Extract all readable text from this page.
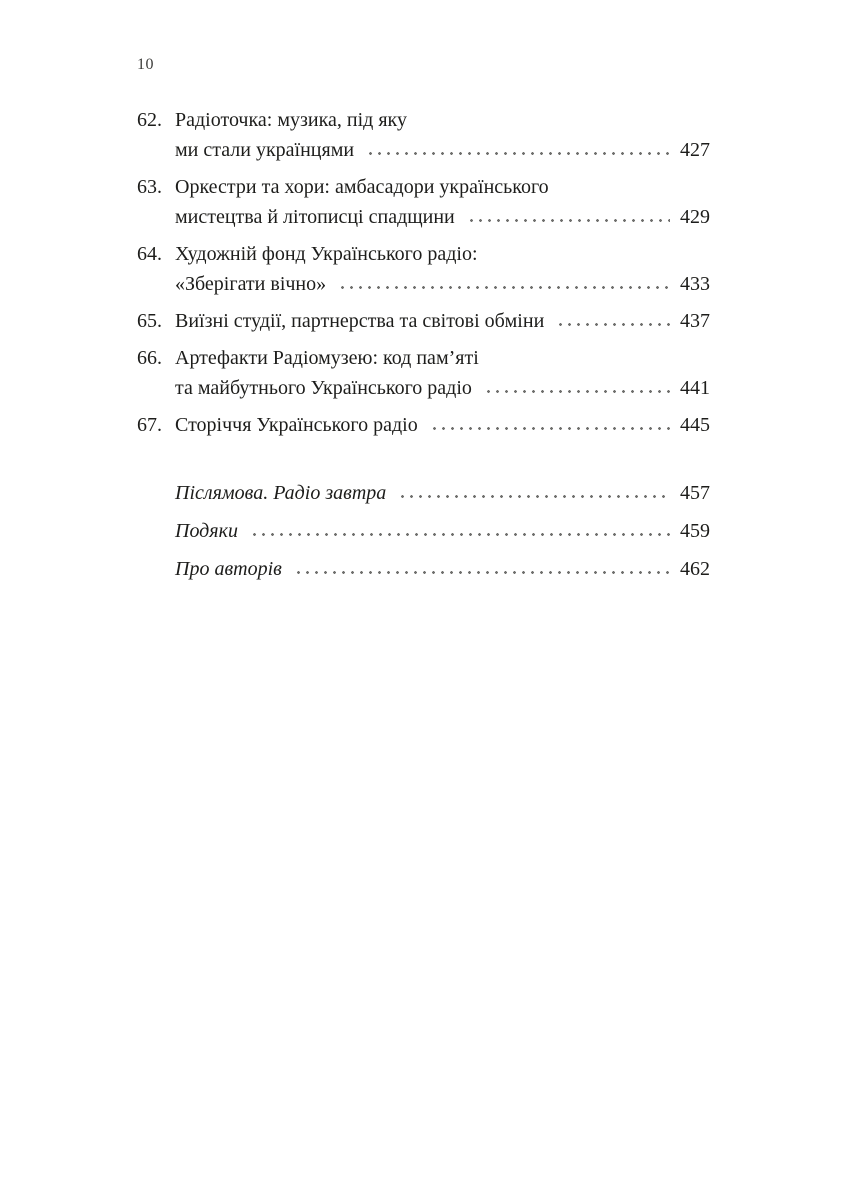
10
62. Радіоточка: музика, під яку
ми стали українцями	427
63. Оркестри та хори: амбасадори українського
мистецтва й літописці спадщини	429
64. Художній фонд Українського радіо:
«Зберігати вічно»	433
65. Виїзні студії, партнерства та світові обміни	437
66. Артефакти Радіомузею: код пам’яті
та майбутнього Українського радіо	441
67. Сторіччя Українського радіо	445
Післямова. Радіо завтра	457
Подяки	459
Про авторів	462
